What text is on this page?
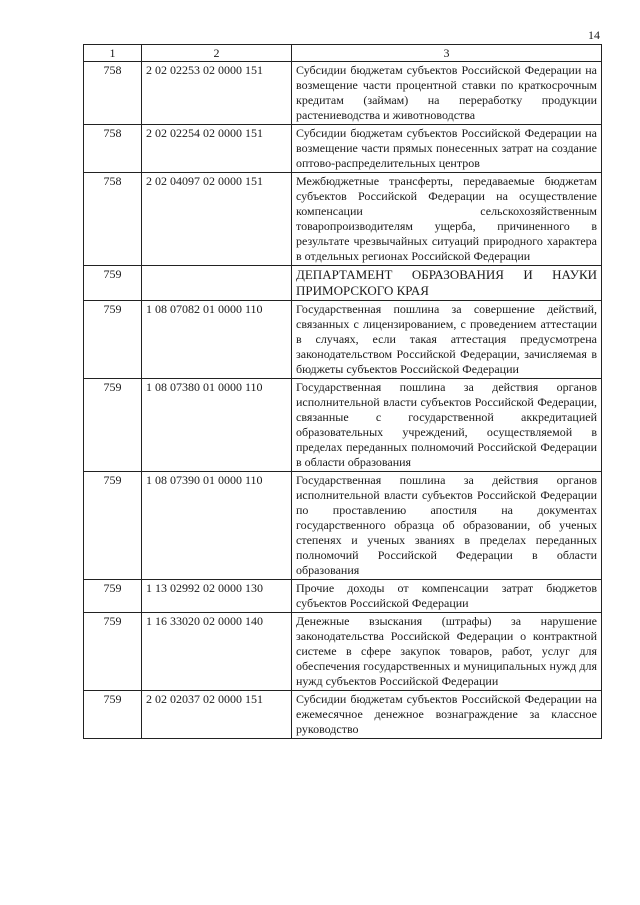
14
1	2	3
758	2 02 02253 02 0000 151	Субсидии бюджетам субъектов Российской Федерации на возмещение части процентной ставки по краткосрочным кредитам (займам) на переработку продукции растениеводства и животноводства
758	2 02 02254 02 0000 151	Субсидии бюджетам субъектов Российской Федерации на возмещение части прямых понесенных затрат на создание оптово-распределительных центров
758	2 02 04097 02 0000 151	Межбюджетные трансферты, передаваемые бюджетам субъектов Российской Федерации на осуществление компенсации сельскохозяйственным товаропроизводителям ущерба, причиненного в результате чрезвычайных ситуаций природного характера в отдельных регионах Российской Федерации
759		ДЕПАРТАМЕНТ ОБРАЗОВАНИЯ И НАУКИ ПРИМОРСКОГО КРАЯ
759	1 08 07082 01 0000 110	Государственная пошлина за совершение действий, связанных с лицензированием, с проведением аттестации в случаях, если такая аттестация предусмотрена законодательством Российской Федерации, зачисляемая в бюджеты субъектов Российской Федерации
759	1 08 07380 01 0000 110	Государственная пошлина за действия органов исполнительной власти субъектов Российской Федерации, связанные с государственной аккредитацией образовательных учреждений, осуществляемой в пределах переданных полномочий Российской Федерации в области образования
759	1 08 07390 01 0000 110	Государственная пошлина за действия органов исполнительной власти субъектов Российской Федерации по проставлению апостиля на документах государственного образца об образовании, об ученых степенях и ученых званиях в пределах переданных полномочий Российской Федерации в области образования
759	1 13 02992 02 0000 130	Прочие доходы от компенсации затрат бюджетов субъектов Российской Федерации
759	1 16 33020 02 0000 140	Денежные взыскания (штрафы) за нарушение законодательства Российской Федерации о контрактной системе в сфере закупок товаров, работ, услуг для обеспечения государственных и муниципальных нужд для нужд субъектов Российской Федерации
759	2 02 02037 02 0000 151	Субсидии бюджетам субъектов Российской Федерации на ежемесячное денежное вознаграждение за классное руководство
